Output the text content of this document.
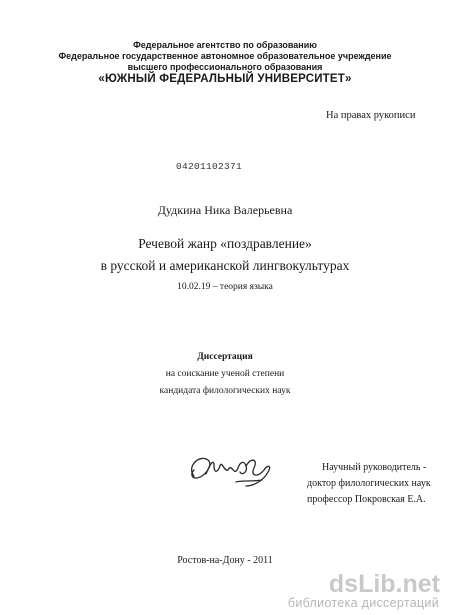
Федеральное агентство по образованию
Федеральное государственное автономное образовательное учреждение
высшего профессионального образования
«ЮЖНЫЙ ФЕДЕРАЛЬНЫЙ УНИВЕРСИТЕТ»
На правах рукописи
04201102371
Дудкина Ника Валерьевна
Речевой жанр «поздравление»
в русской и американской лингвокультурах
10.02.19 – теория языка
Диссертация
на соискание ученой степени
кандидата филологических наук
Научный руководитель -
доктор филологических наук
профессор Покровская Е.А.
Ростов-на-Дону - 2011
dsLib.net
библиотека диссертаций
